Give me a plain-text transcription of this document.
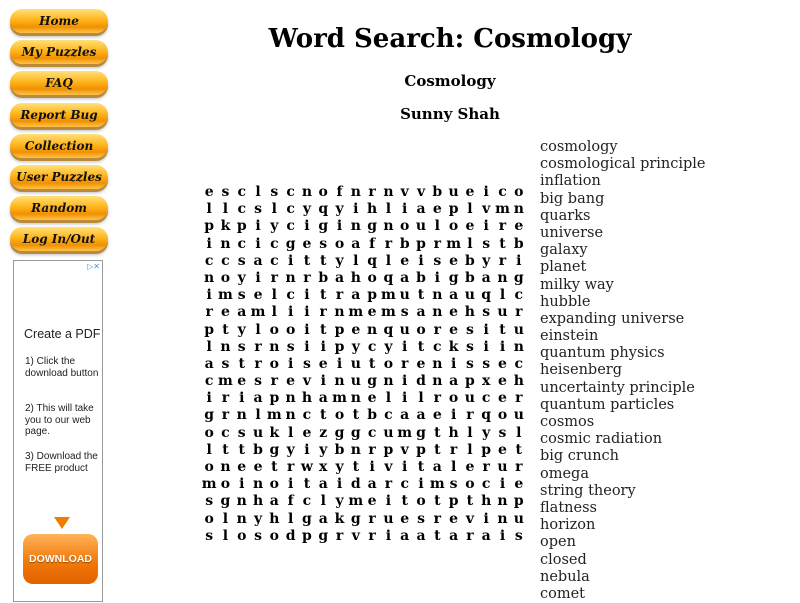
Home
My Puzzles
FAQ
Report Bug
Collection
User Puzzles
Random
Log In/Out
▷✕
Create a PDF
1) Click the download button
2) This will take you to our web page.
3) Download the FREE product
DOWNLOAD
Word Search: Cosmology
Cosmology
Sunny Shah
e s c l s c n o f n r n v v b u e i c o
l l c s l c y q y i h l i a e p l v m n
p k p i y c i g i n g n o u l o e i r e
i n c i c g e s o a f r b p r m l s t b
c c s a c i t t y l q l e i s e b y r i
n o y i r n r b a h o q a b i g b a n g
i m s e l c i t r a p m u t n a u q l c
r e a m l i i r n m e m s a n e h s u r
p t y l o o i t p e n q u o r e s i t u
l n s r n s i i p y c y i t c k s i i n
a s t r o i s e i u t o r e n i s s e c
c m e s r e v i n u g n i d n a p x e h
i r i a p n h a m n e l i l r o u c e r
g r n l m n c t o t b c a a e i r q o u
o c s u k l e z g g c u m g t h l y s l
l t t b g y i y b n r p v p t r l p e t
o n e e t r w x y t i v i t a l e r u r
m o i n o i t a i d a r c i m s o c i e
s g n h a f c l y m e i t o t p t h n p
o l n y h l g a k g r u e s r e v i n u
s l o s o d p g r v r i a a t a r a i s
cosmology
cosmological principle
inflation
big bang
quarks
universe
galaxy
planet
milky way
hubble
expanding universe
einstein
quantum physics
heisenberg
uncertainty principle
quantum particles
cosmos
cosmic radiation
big crunch
omega
string theory
flatness
horizon
open
closed
nebula
comet
